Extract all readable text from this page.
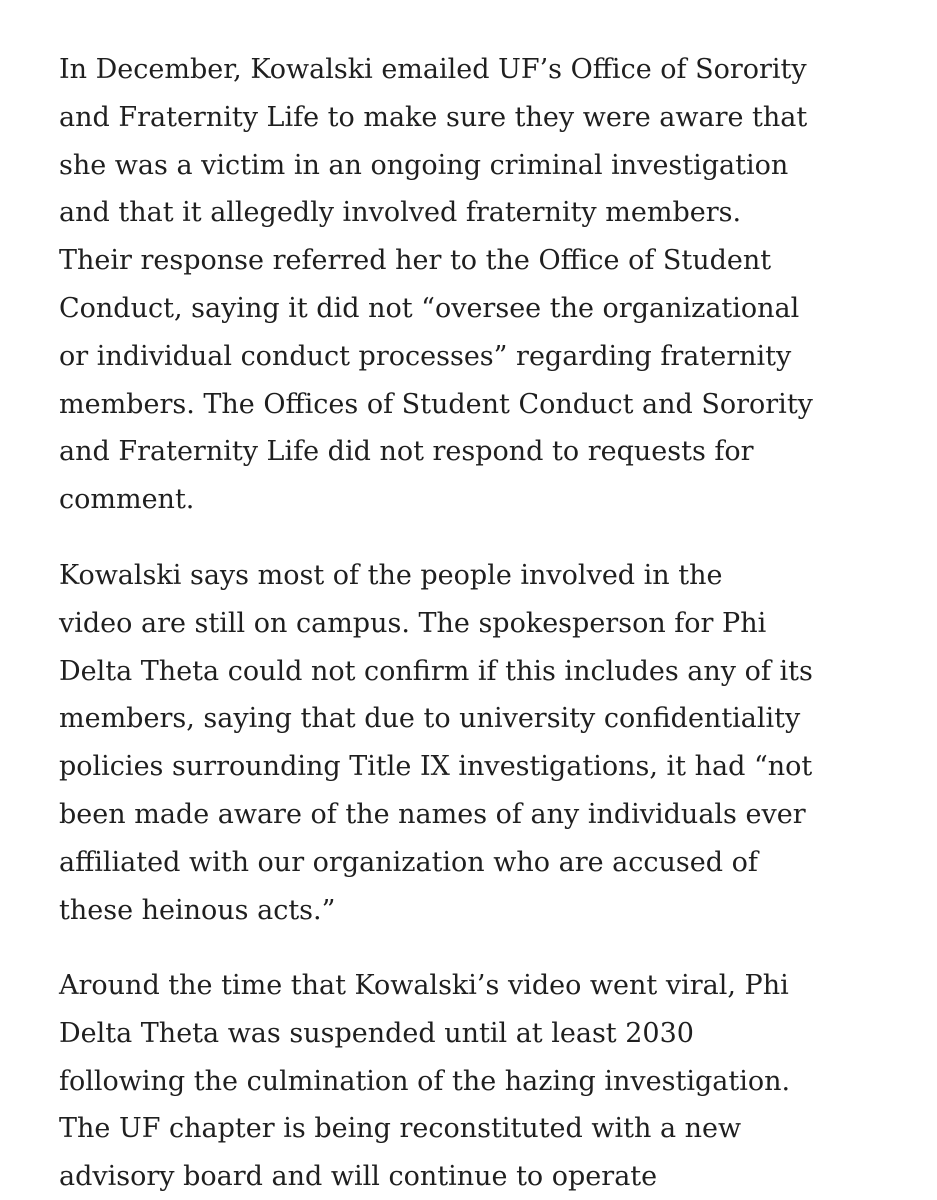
In December, Kowalski emailed UF’s Office of Sorority
and Fraternity Life to make sure they were aware that
she was a victim in an ongoing criminal investigation
and that it allegedly involved fraternity members.
Their response referred her to the Office of Student
Conduct, saying it did not “oversee the organizational
or individual conduct processes” regarding fraternity
members. The Offices of Student Conduct and Sorority
and Fraternity Life did not respond to requests for
comment.

Kowalski says most of the people involved in the
video are still on campus. The spokesperson for Phi
Delta Theta could not confirm if this includes any of its
members, saying that due to university confidentiality
policies surrounding Title IX investigations, it had “not
been made aware of the names of any individuals ever
affiliated with our organization who are accused of
these heinous acts.”

Around the time that Kowalski’s video went viral, Phi
Delta Theta was suspended until at least 2030
following the culmination of the hazing investigation.
The UF chapter is being reconstituted with a new
advisory board and will continue to operate
